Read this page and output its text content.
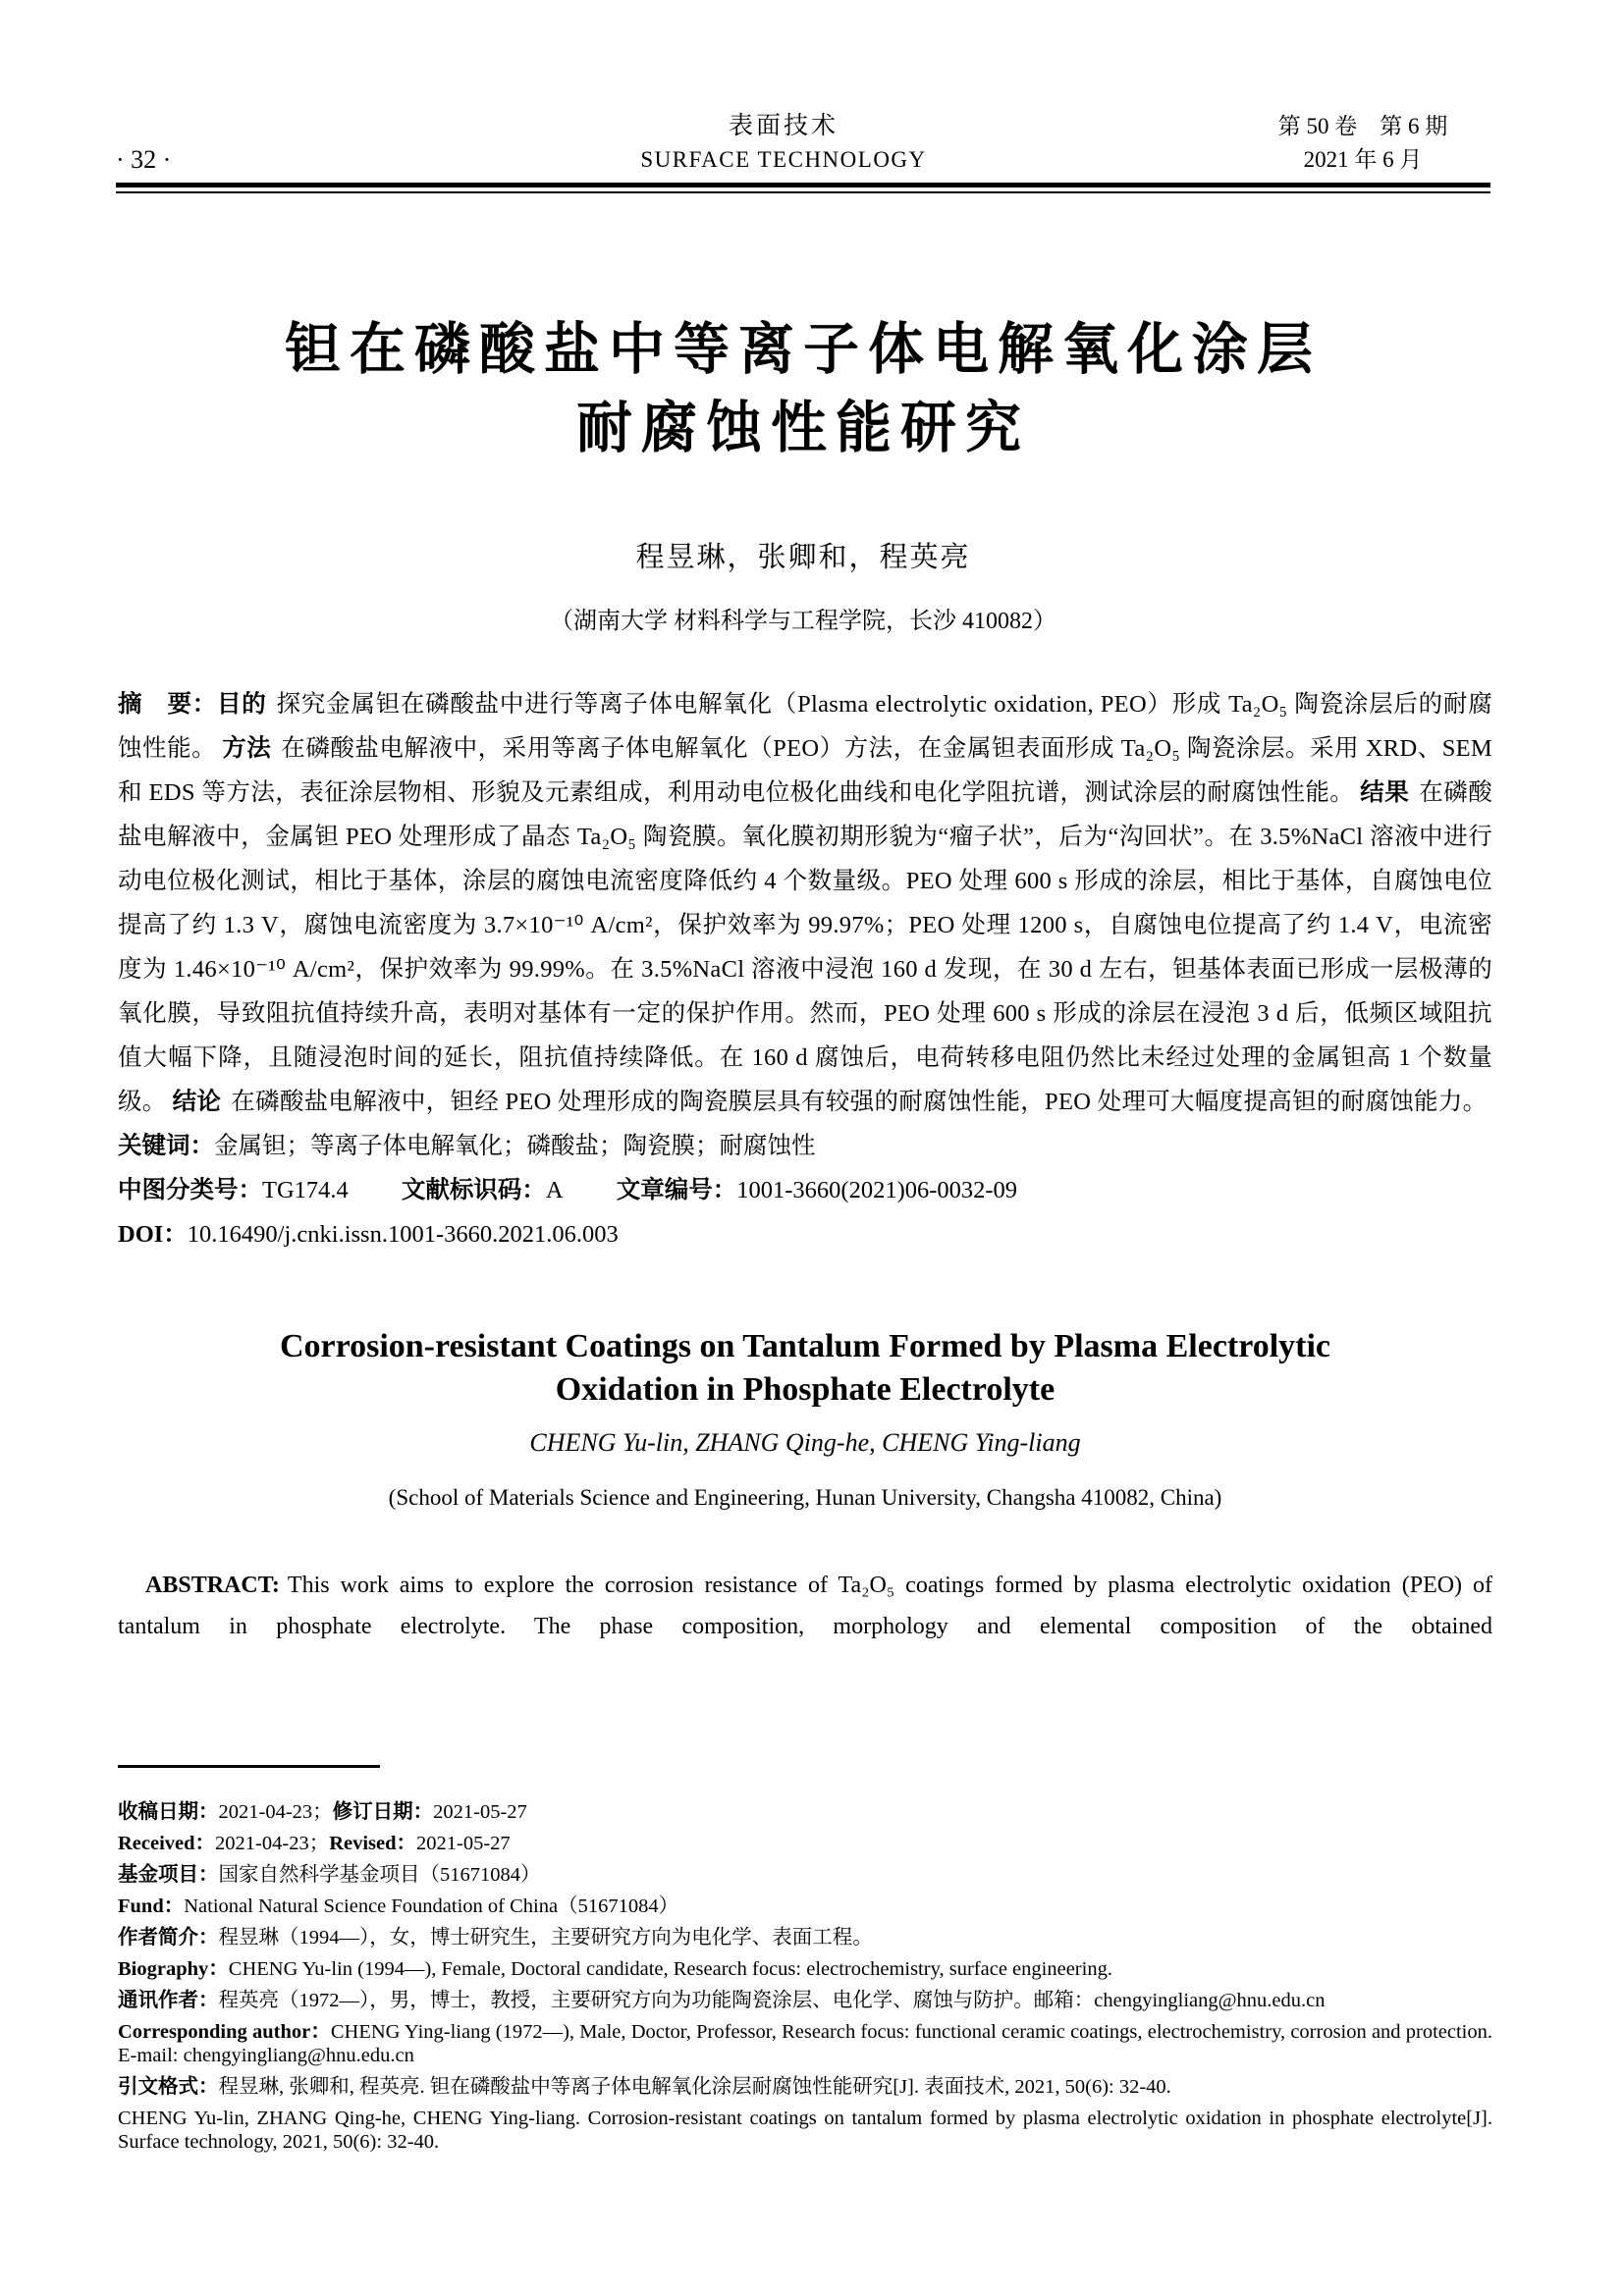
· 32 ·
表面技术
SURFACE TECHNOLOGY
第 50 卷　第 6 期
2021 年 6 月
钽在磷酸盐中等离子体电解氧化涂层
耐腐蚀性能研究
程昱琳，张卿和，程英亮
（湖南大学 材料科学与工程学院，长沙 410082）

摘　要：目的 探究金属钽在磷酸盐中进行等离子体电解氧化（Plasma electrolytic oxidation, PEO）形成 Ta₂O₅ 陶瓷涂层后的耐腐蚀性能。 方法 在磷酸盐电解液中，采用等离子体电解氧化（PEO）方法，在金属钽表面形成 Ta₂O₅ 陶瓷涂层。采用 XRD、SEM 和 EDS 等方法，表征涂层物相、形貌及元素组成，利用动电位极化曲线和电化学阻抗谱，测试涂层的耐腐蚀性能。 结果 在磷酸盐电解液中，金属钽 PEO 处理形成了晶态 Ta₂O₅ 陶瓷膜。氧化膜初期形貌为“瘤子状”，后为“沟回状”。在 3.5%NaCl 溶液中进行动电位极化测试，相比于基体，涂层的腐蚀电流密度降低约 4 个数量级。PEO 处理 600 s 形成的涂层，相比于基体，自腐蚀电位提高了约 1.3 V，腐蚀电流密度为 3.7×10⁻¹⁰ A/cm²，保护效率为 99.97%；PEO 处理 1200 s，自腐蚀电位提高了约 1.4 V，电流密度为 1.46×10⁻¹⁰ A/cm²，保护效率为 99.99%。在 3.5%NaCl 溶液中浸泡 160 d 发现，在 30 d 左右，钽基体表面已形成一层极薄的氧化膜，导致阻抗值持续升高，表明对基体有一定的保护作用。然而，PEO 处理 600 s 形成的涂层在浸泡 3 d 后，低频区域阻抗值大幅下降，且随浸泡时间的延长，阻抗值持续降低。在 160 d 腐蚀后，电荷转移电阻仍然比未经过处理的金属钽高 1 个数量级。 结论 在磷酸盐电解液中，钽经 PEO 处理形成的陶瓷膜层具有较强的耐腐蚀性能，PEO 处理可大幅度提高钽的耐腐蚀能力。

关键词：金属钽；等离子体电解氧化；磷酸盐；陶瓷膜；耐腐蚀性

中图分类号：TG174.4 文献标识码：A 文章编号：1001-3660(2021)06-0032-09

DOI：10.16490/j.cnki.issn.1001-3660.2021.06.003

Corrosion-resistant Coatings on Tantalum Formed by Plasma Electrolytic
Oxidation in Phosphate Electrolyte
CHENG Yu-lin, ZHANG Qing-he, CHENG Ying-liang
(School of Materials Science and Engineering, Hunan University, Changsha 410082, China)

ABSTRACT: This work aims to explore the corrosion resistance of Ta₂O₅ coatings formed by plasma electrolytic oxidation (PEO) of tantalum in phosphate electrolyte. The phase composition, morphology and elemental composition of the obtained

收稿日期：2021-04-23；修订日期：2021-05-27

Received：2021-04-23；Revised：2021-05-27

基金项目：国家自然科学基金项目（51671084）

Fund：National Natural Science Foundation of China（51671084）

作者简介：程昱琳（1994—），女，博士研究生，主要研究方向为电化学、表面工程。

Biography：CHENG Yu-lin (1994—), Female, Doctoral candidate, Research focus: electrochemistry, surface engineering.

通讯作者：程英亮（1972—），男，博士，教授，主要研究方向为功能陶瓷涂层、电化学、腐蚀与防护。邮箱：chengyingliang@hnu.edu.cn

Corresponding author：CHENG Ying-liang (1972—), Male, Doctor, Professor, Research focus: functional ceramic coatings, electrochemistry, corrosion and protection. E-mail: chengyingliang@hnu.edu.cn

引文格式：程昱琳, 张卿和, 程英亮. 钽在磷酸盐中等离子体电解氧化涂层耐腐蚀性能研究[J]. 表面技术, 2021, 50(6): 32-40.

CHENG Yu-lin, ZHANG Qing-he, CHENG Ying-liang. Corrosion-resistant coatings on tantalum formed by plasma electrolytic oxidation in phosphate electrolyte[J]. Surface technology, 2021, 50(6): 32-40.
